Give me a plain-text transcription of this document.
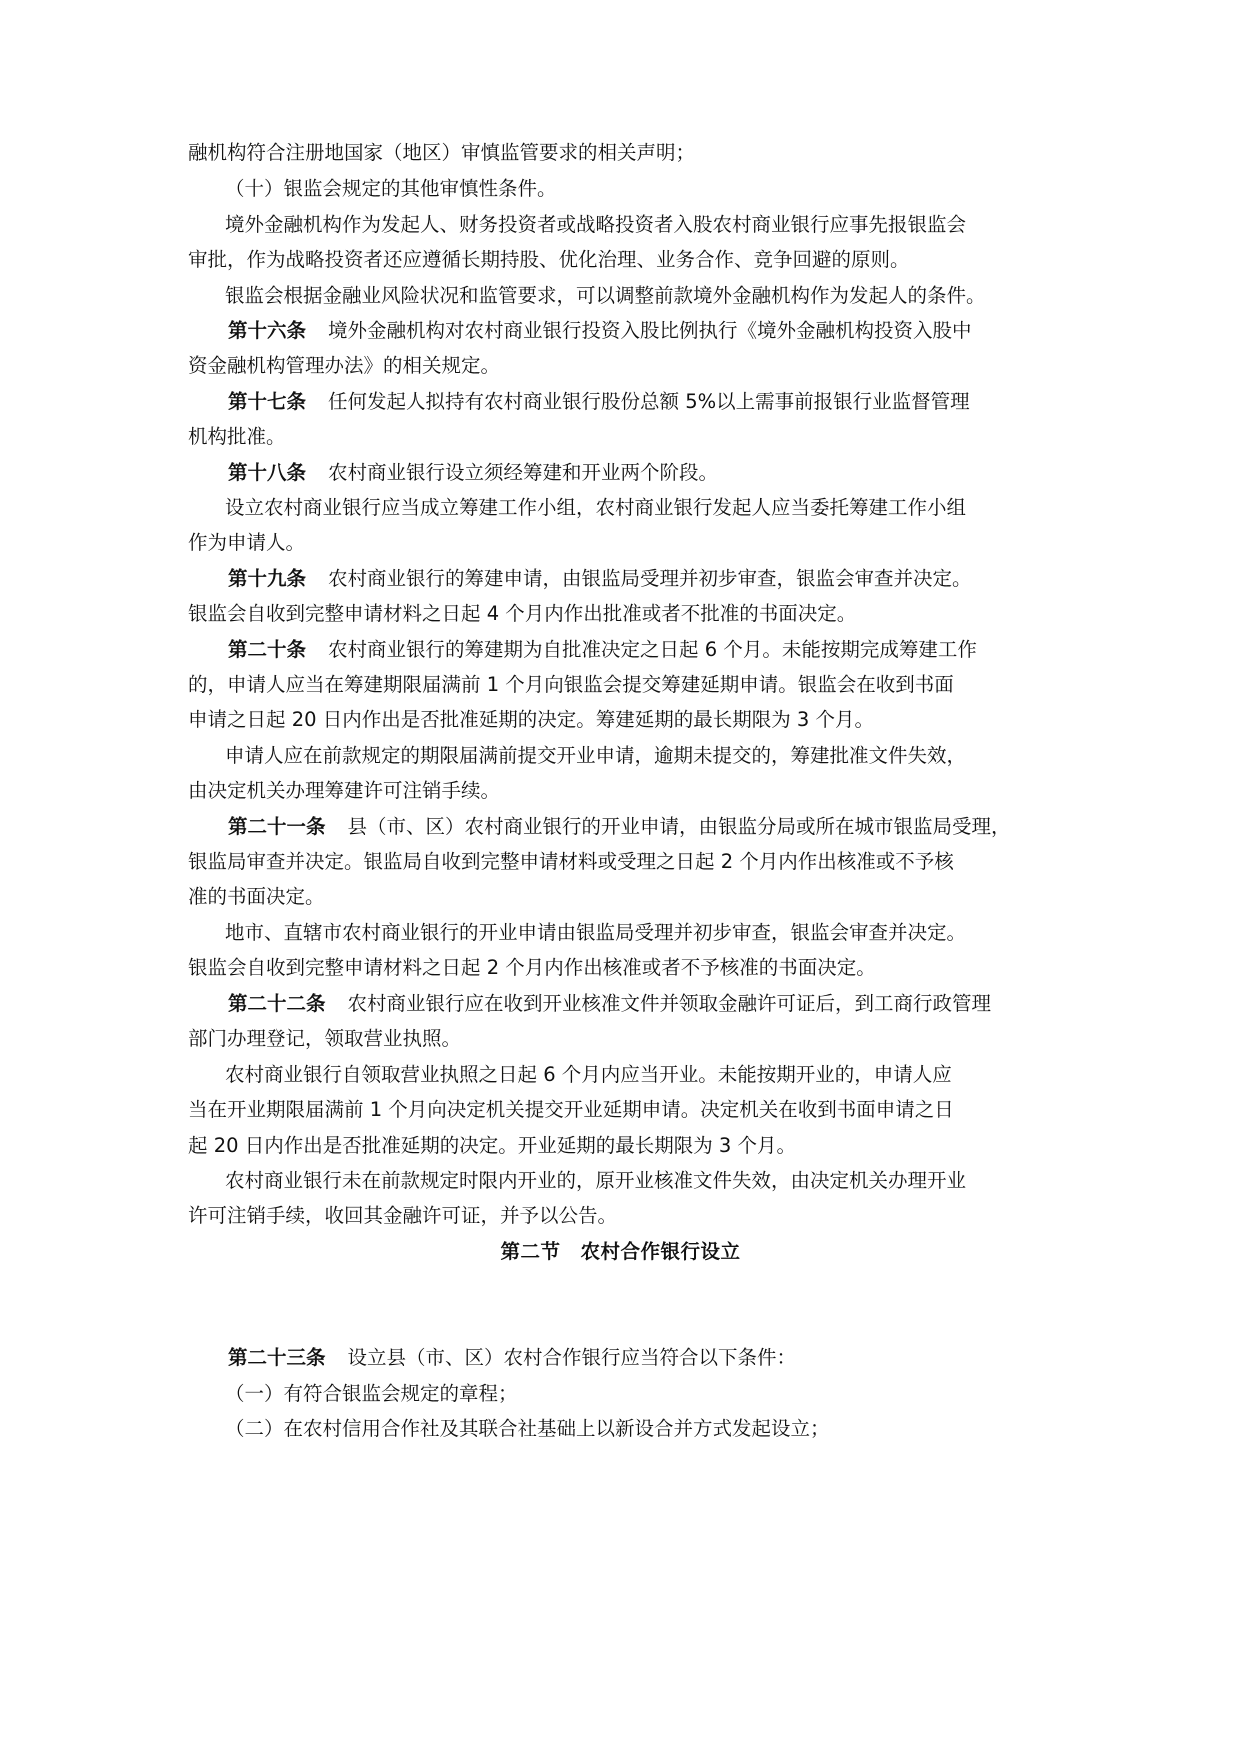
融机构符合注册地国家（地区）审慎监管要求的相关声明；
（十）银监会规定的其他审慎性条件。
境外金融机构作为发起人、财务投资者或战略投资者入股农村商业银行应事先报银监会
审批，作为战略投资者还应遵循长期持股、优化治理、业务合作、竞争回避的原则。
银监会根据金融业风险状况和监管要求，可以调整前款境外金融机构作为发起人的条件。
第十六条 境外金融机构对农村商业银行投资入股比例执行《境外金融机构投资入股中
资金融机构管理办法》的相关规定。
第十七条 任何发起人拟持有农村商业银行股份总额 5%以上需事前报银行业监督管理
机构批准。
第十八条 农村商业银行设立须经筹建和开业两个阶段。
设立农村商业银行应当成立筹建工作小组，农村商业银行发起人应当委托筹建工作小组
作为申请人。
第十九条 农村商业银行的筹建申请，由银监局受理并初步审查，银监会审查并决定。
银监会自收到完整申请材料之日起 4 个月内作出批准或者不批准的书面决定。
第二十条 农村商业银行的筹建期为自批准决定之日起 6 个月。未能按期完成筹建工作
的，申请人应当在筹建期限届满前 1 个月向银监会提交筹建延期申请。银监会在收到书面
申请之日起 20 日内作出是否批准延期的决定。筹建延期的最长期限为 3 个月。
申请人应在前款规定的期限届满前提交开业申请，逾期未提交的，筹建批准文件失效，
由决定机关办理筹建许可注销手续。
第二十一条 县（市、区）农村商业银行的开业申请，由银监分局或所在城市银监局受理，
银监局审查并决定。银监局自收到完整申请材料或受理之日起 2 个月内作出核准或不予核
准的书面决定。
地市、直辖市农村商业银行的开业申请由银监局受理并初步审查，银监会审查并决定。
银监会自收到完整申请材料之日起 2 个月内作出核准或者不予核准的书面决定。
第二十二条 农村商业银行应在收到开业核准文件并领取金融许可证后，到工商行政管理
部门办理登记，领取营业执照。
农村商业银行自领取营业执照之日起 6 个月内应当开业。未能按期开业的，申请人应
当在开业期限届满前 1 个月向决定机关提交开业延期申请。决定机关在收到书面申请之日
起 20 日内作出是否批准延期的决定。开业延期的最长期限为 3 个月。
农村商业银行未在前款规定时限内开业的，原开业核准文件失效，由决定机关办理开业
许可注销手续，收回其金融许可证，并予以公告。
第二节　农村合作银行设立
第二十三条 设立县（市、区）农村合作银行应当符合以下条件：
（一）有符合银监会规定的章程；
（二）在农村信用合作社及其联合社基础上以新设合并方式发起设立；
